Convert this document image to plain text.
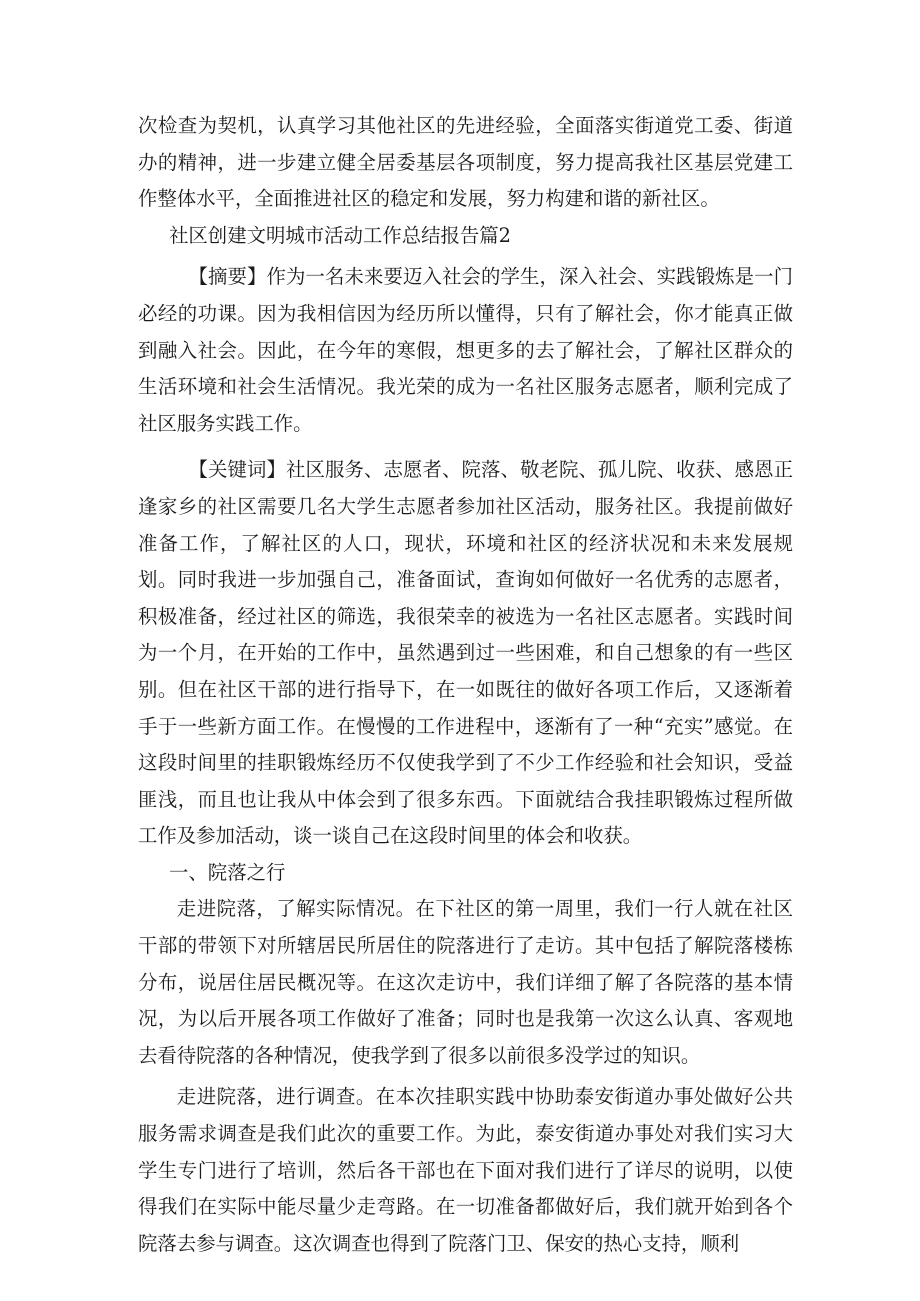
次检查为契机，认真学习其他社区的先进经验，全面落实街道党工委、街道办的精神，进一步建立健全居委基层各项制度，努力提高我社区基层党建工作整体水平，全面推进社区的稳定和发展，努力构建和谐的新社区。

社区创建文明城市活动工作总结报告篇2

【摘要】作为一名未来要迈入社会的学生，深入社会、实践锻炼是一门必经的功课。因为我相信因为经历所以懂得，只有了解社会，你才能真正做到融入社会。因此，在今年的寒假，想更多的去了解社会，了解社区群众的生活环境和社会生活情况。我光荣的成为一名社区服务志愿者，顺利完成了社区服务实践工作。

【关键词】社区服务、志愿者、院落、敬老院、孤儿院、收获、感恩正逢家乡的社区需要几名大学生志愿者参加社区活动，服务社区。我提前做好准备工作，了解社区的人口，现状，环境和社区的经济状况和未来发展规划。同时我进一步加强自己，准备面试，查询如何做好一名优秀的志愿者，积极准备，经过社区的筛选，我很荣幸的被选为一名社区志愿者。实践时间为一个月，在开始的工作中，虽然遇到过一些困难，和自己想象的有一些区别。但在社区干部的进行指导下，在一如既往的做好各项工作后，又逐渐着手于一些新方面工作。在慢慢的工作进程中，逐渐有了一种“充实”感觉。在这段时间里的挂职锻炼经历不仅使我学到了不少工作经验和社会知识，受益匪浅，而且也让我从中体会到了很多东西。下面就结合我挂职锻炼过程所做工作及参加活动，谈一谈自己在这段时间里的体会和收获。

一、院落之行

走进院落，了解实际情况。在下社区的第一周里，我们一行人就在社区干部的带领下对所辖居民所居住的院落进行了走访。其中包括了解院落楼栋分布，说居住居民概况等。在这次走访中，我们详细了解了各院落的基本情况，为以后开展各项工作做好了准备；同时也是我第一次这么认真、客观地去看待院落的各种情况，使我学到了很多以前很多没学过的知识。

走进院落，进行调查。在本次挂职实践中协助泰安街道办事处做好公共服务需求调查是我们此次的重要工作。为此，泰安街道办事处对我们实习大学生专门进行了培训，然后各干部也在下面对我们进行了详尽的说明，以使得我们在实际中能尽量少走弯路。在一切准备都做好后，我们就开始到各个院落去参与调查。这次调查也得到了院落门卫、保安的热心支持，顺利
